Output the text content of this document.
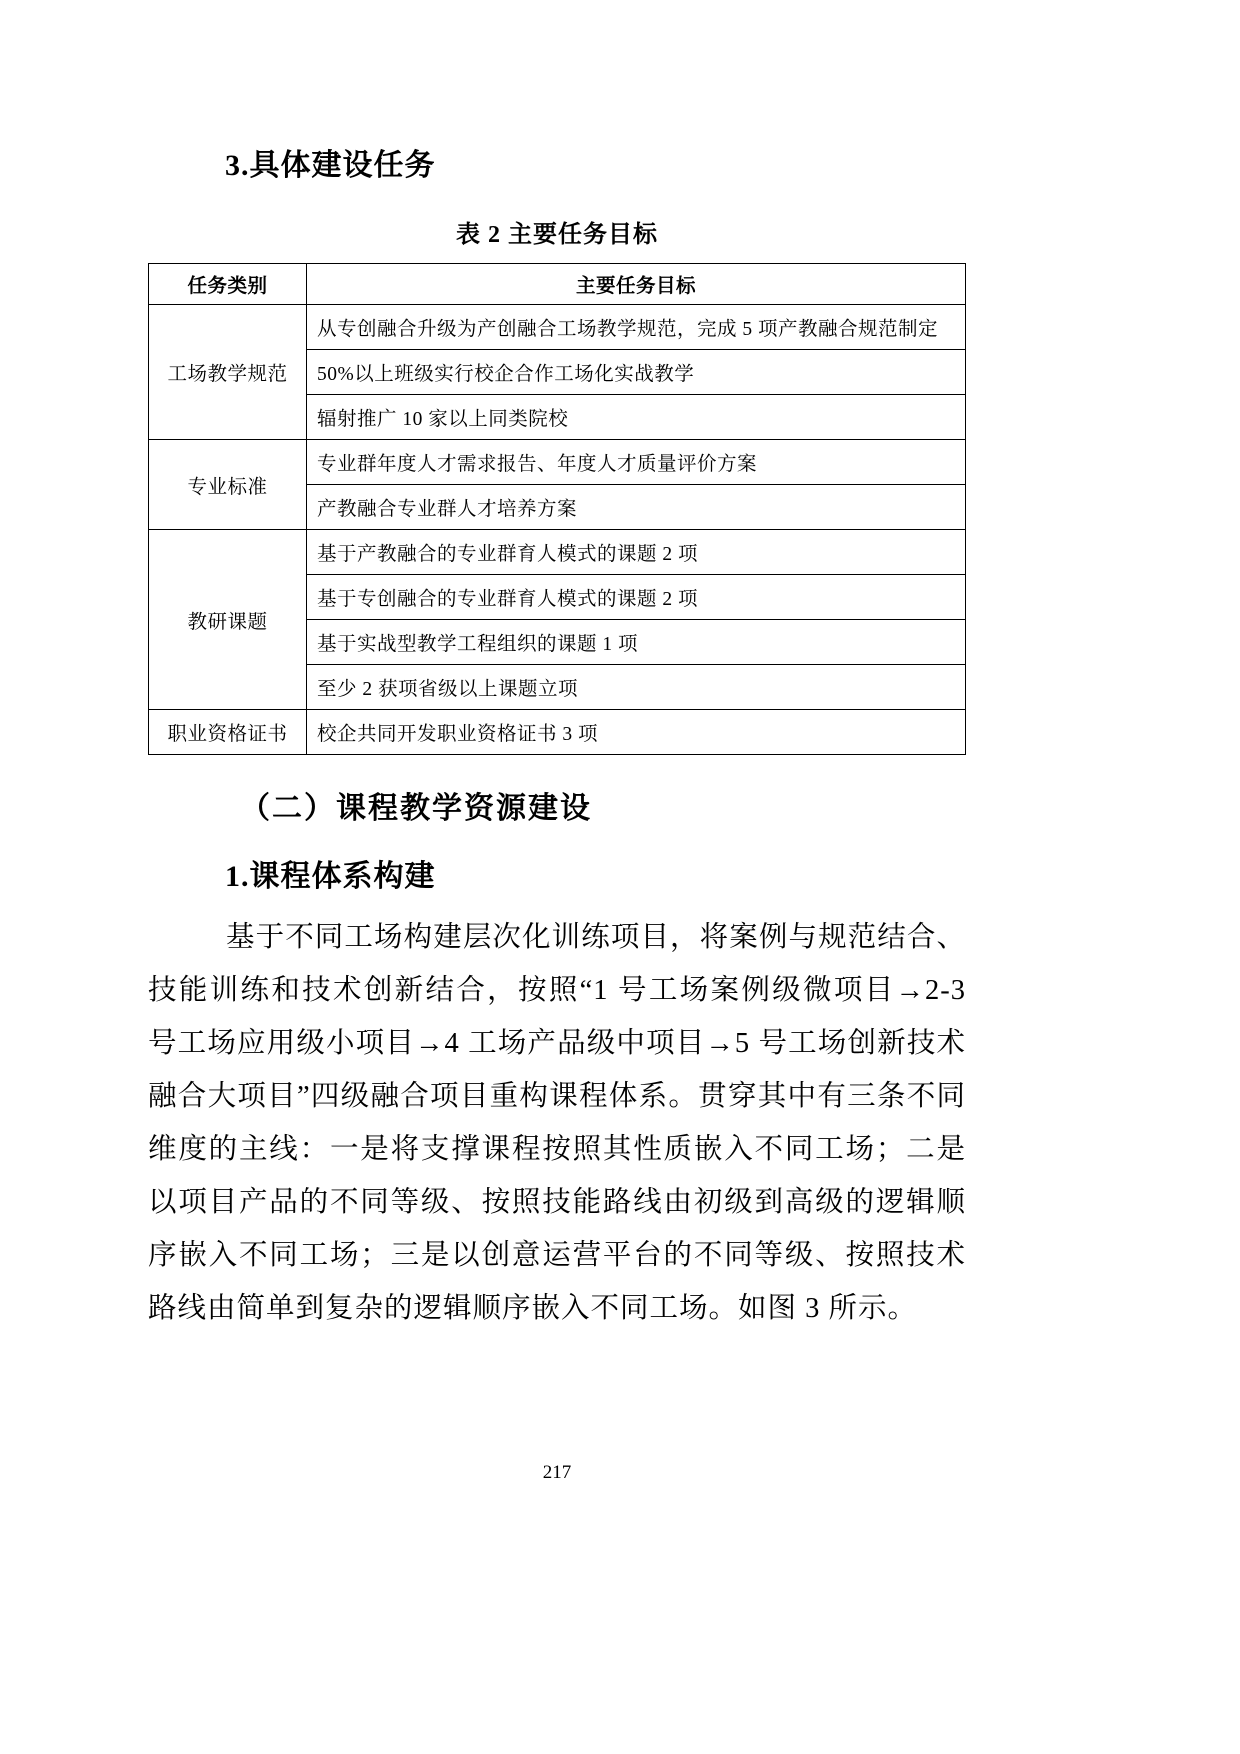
3.具体建设任务
表 2 主要任务目标
任务类别	主要任务目标
工场教学规范	从专创融合升级为产创融合工场教学规范，完成 5 项产教融合规范制定
	50%以上班级实行校企合作工场化实战教学
	辐射推广 10 家以上同类院校
专业标准	专业群年度人才需求报告、年度人才质量评价方案
	产教融合专业群人才培养方案
教研课题	基于产教融合的专业群育人模式的课题 2 项
	基于专创融合的专业群育人模式的课题 2 项
	基于实战型教学工程组织的课题 1 项
	至少 2 获项省级以上课题立项
职业资格证书	校企共同开发职业资格证书 3 项
（二）课程教学资源建设
1.课程体系构建

基于不同工场构建层次化训练项目，将案例与规范结合、技能训练和技术创新结合，按照“1 号工场案例级微项目→2-3 号工场应用级小项目→4 工场产品级中项目→5 号工场创新技术融合大项目”四级融合项目重构课程体系。贯穿其中有三条不同维度的主线：一是将支撑课程按照其性质嵌入不同工场；二是以项目产品的不同等级、按照技能路线由初级到高级的逻辑顺序嵌入不同工场；三是以创意运营平台的不同等级、按照技术路线由简单到复杂的逻辑顺序嵌入不同工场。如图 3 所示。

217
